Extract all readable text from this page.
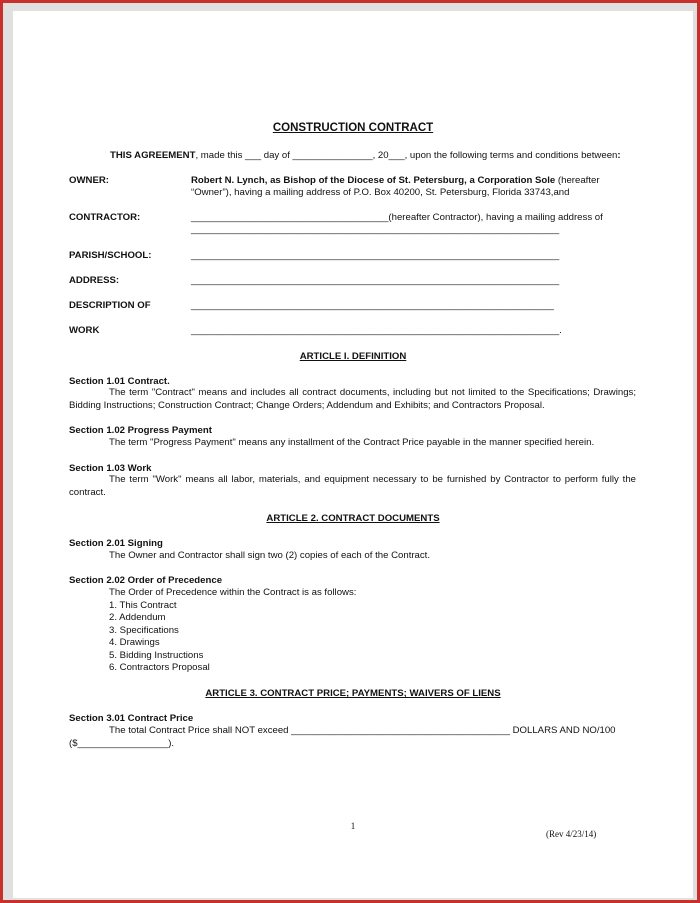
CONSTRUCTION CONTRACT
THIS AGREEMENT, made this ___ day of _______________, 20___, upon the following terms and conditions between:
OWNER:	Robert N. Lynch, as Bishop of the Diocese of St. Petersburg, a Corporation Sole (hereafter
“Owner”), having a mailing address of P.O. Box 40200, St. Petersburg, Florida 33743,and
CONTRACTOR:	_____________________________________(hereafter Contractor), having a mailing address of
_____________________________________________________________________
PARISH/SCHOOL:	_____________________________________________________________________
ADDRESS:	_____________________________________________________________________
DESCRIPTION OF	____________________________________________________________________
WORK	_____________________________________________________________________.
ARTICLE I. DEFINITION
Section 1.01 Contract.
The term "Contract" means and includes all contract documents, including but not limited to the Specifications; Drawings; Bidding Instructions; Construction Contract; Change Orders; Addendum and Exhibits; and Contractors Proposal.
Section 1.02 Progress Payment
The term "Progress Payment" means any installment of the Contract Price payable in the manner specified herein.
Section 1.03 Work
The term "Work" means all labor, materials, and equipment necessary to be furnished by Contractor to perform fully the contract.
ARTICLE 2. CONTRACT DOCUMENTS
Section 2.01 Signing
The Owner and Contractor shall sign two (2) copies of each of the Contract.
Section 2.02 Order of Precedence
The Order of Precedence within the Contract is as follows:
1. This Contract
2. Addendum
3. Specifications
4. Drawings
5. Bidding Instructions
6. Contractors Proposal
ARTICLE 3. CONTRACT PRICE; PAYMENTS; WAIVERS OF LIENS
Section 3.01 Contract Price
The total Contract Price shall NOT exceed _________________________________________ DOLLARS AND NO/100
($_________________).
1
(Rev 4/23/14)
